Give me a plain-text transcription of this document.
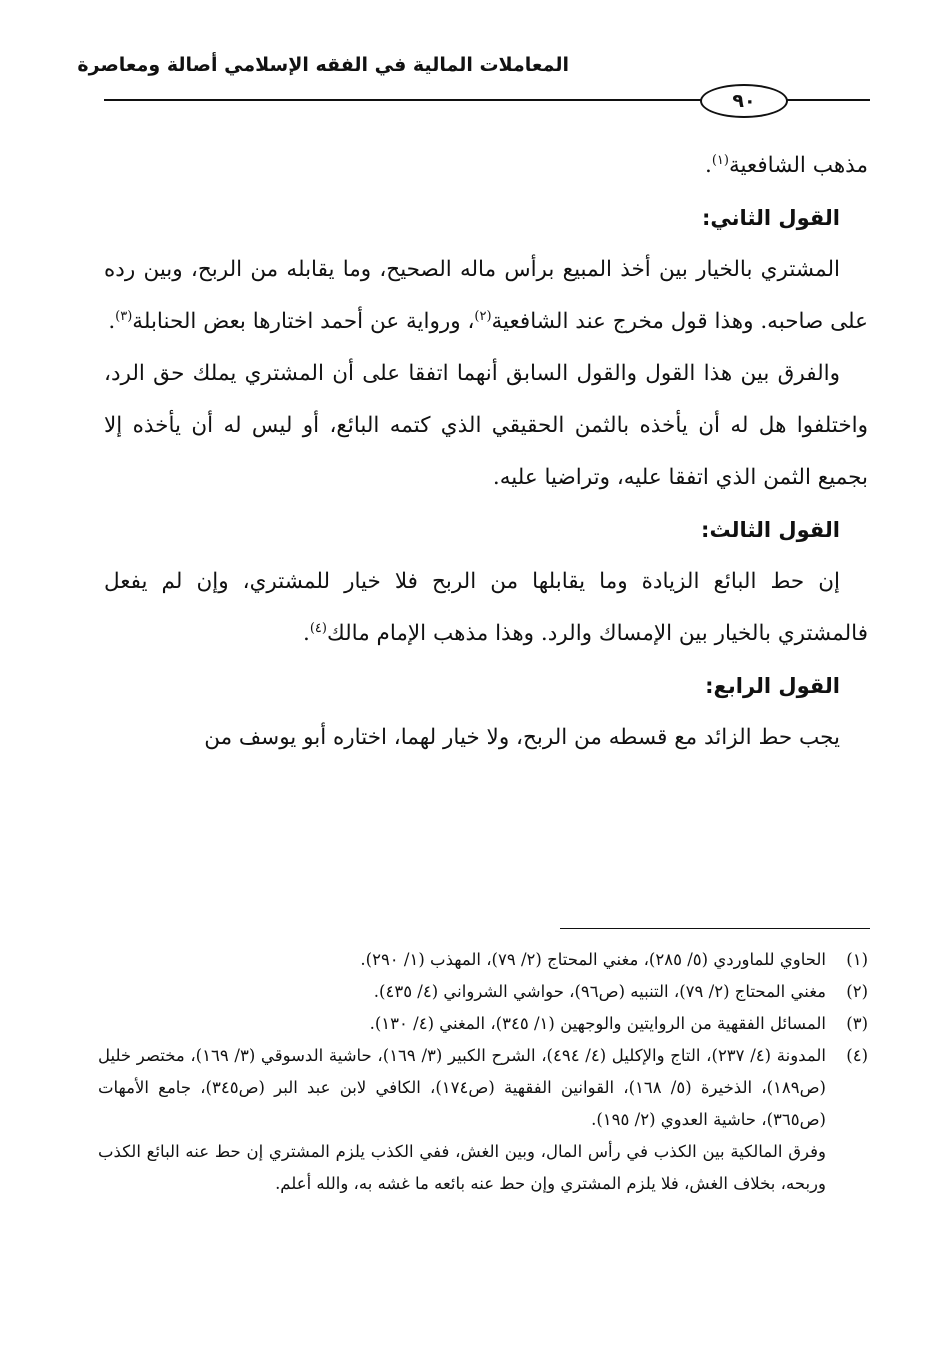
المعاملات المالية في الفقه الإسلامي أصالة ومعاصرة
٩٠

مذهب الشافعية$^{(١)}$.

القول الثاني:

المشتري بالخيار بين أخذ المبيع برأس ماله الصحيح، وما يقابله من الربح، وبين رده على صاحبه. وهذا قول مخرج عند الشافعية$^{(٢)}$، ورواية عن أحمد اختارها بعض الحنابلة$^{(٣)}$.

والفرق بين هذا القول والقول السابق أنهما اتفقا على أن المشتري يملك حق الرد، واختلفوا هل له أن يأخذه بالثمن الحقيقي الذي كتمه البائع، أو ليس له أن يأخذه إلا بجميع الثمن الذي اتفقا عليه، وتراضيا عليه.

القول الثالث:

إن حط البائع الزيادة وما يقابلها من الربح فلا خيار للمشتري، وإن لم يفعل فالمشتري بالخيار بين الإمساك والرد. وهذا مذهب الإمام مالك$^{(٤)}$.

القول الرابع:

يجب حط الزائد مع قسطه من الربح، ولا خيار لهما، اختاره أبو يوسف من

(١)
الحاوي للماوردي (٥/ ٢٨٥)، مغني المحتاج (٢/ ٧٩)، المهذب (١/ ٢٩٠).
(٢)
مغني المحتاج (٢/ ٧٩)، التنبيه (ص٩٦)، حواشي الشرواني (٤/ ٤٣٥).
(٣)
المسائل الفقهية من الروايتين والوجهين (١/ ٣٤٥)، المغني (٤/ ١٣٠).
(٤)
المدونة (٤/ ٢٣٧)، التاج والإكليل (٤/ ٤٩٤)، الشرح الكبير (٣/ ١٦٩)، حاشية الدسوقي (٣/ ١٦٩)، مختصر خليل (ص١٨٩)، الذخيرة (٥/ ١٦٨)، القوانين الفقهية (ص١٧٤)، الكافي لابن عبد البر (ص٣٤٥)، جامع الأمهات (ص٣٦٥)، حاشية العدوي (٢/ ١٩٥).
وفرق المالكية بين الكذب في رأس المال، وبين الغش، ففي الكذب يلزم المشتري إن حط عنه البائع الكذب وربحه، بخلاف الغش، فلا يلزم المشتري وإن حط عنه بائعه ما غشه به، والله أعلم.
